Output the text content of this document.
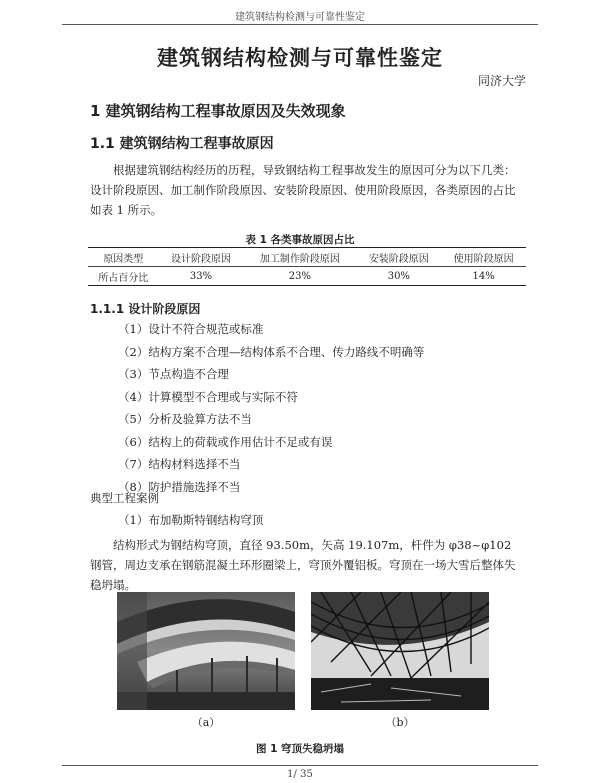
建筑钢结构检测与可靠性鉴定
建筑钢结构检测与可靠性鉴定
同济大学
1 建筑钢结构工程事故原因及失效现象
1.1 建筑钢结构工程事故原因
根据建筑钢结构经历的历程，导致钢结构工程事故发生的原因可分为以下几类：设计阶段原因、加工制作阶段原因、安装阶段原因、使用阶段原因，各类原因的占比如表 1 所示。
表 1 各类事故原因占比
原因类型	设计阶段原因	加工制作阶段原因	安装阶段原因	使用阶段原因
所占百分比	33%	23%	30%	14%
1.1.1 设计阶段原因
（1）设计不符合规范或标准
（2）结构方案不合理—结构体系不合理、传力路线不明确等
（3）节点构造不合理
（4）计算模型不合理或与实际不符
（5）分析及验算方法不当
（6）结构上的荷载或作用估计不足或有误
（7）结构材料选择不当
（8）防护措施选择不当
典型工程案例
（1）布加勒斯特钢结构穹顶
结构形式为钢结构穹顶，直径 93.50m，矢高 19.107m，杆件为 φ38~φ102 钢管，周边支承在钢筋混凝土环形圈梁上，穹顶外覆铝板。穹顶在一场大雪后整体失稳坍塌。
（a）	（b）
图 1 穹顶失稳坍塌
1/ 35
